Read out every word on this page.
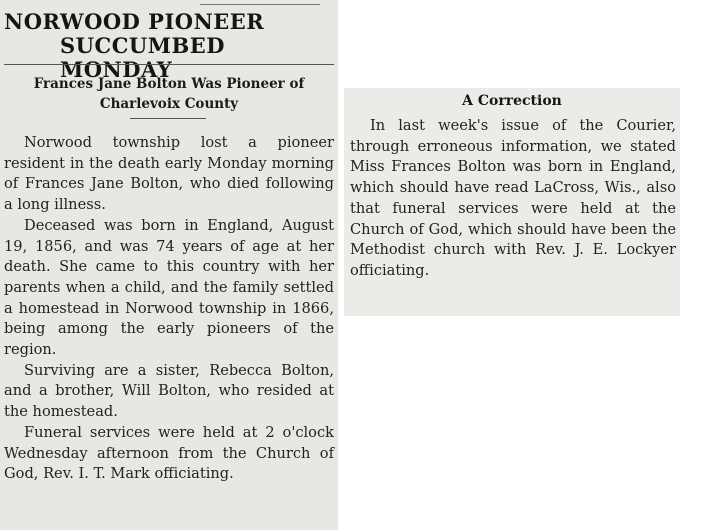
NORWOOD PIONEER
SUCCUMBED MONDAY
Frances Jane Bolton Was Pioneer of
Charlevoix County

Norwood township lost a pioneer resident in the death early Monday morning of Frances Jane Bolton, who died following a long illness.

Deceased was born in England, August 19, 1856, and was 74 years of age at her death. She came to this country with her parents when a child, and the family settled a homestead in Norwood township in 1866, being among the early pioneers of the region.

Surviving are a sister, Rebecca Bolton, and a brother, Will Bolton, who resided at the homestead.

Funeral services were held at 2 o'clock Wednesday afternoon from the Church of God, Rev. I. T. Mark officiating.

A Correction

In last week's issue of the Courier, through erroneous information, we stated Miss Frances Bolton was born in England, which should have read LaCross, Wis., also that funeral services were held at the Church of God, which should have been the Methodist church with Rev. J. E. Lockyer officiating.
